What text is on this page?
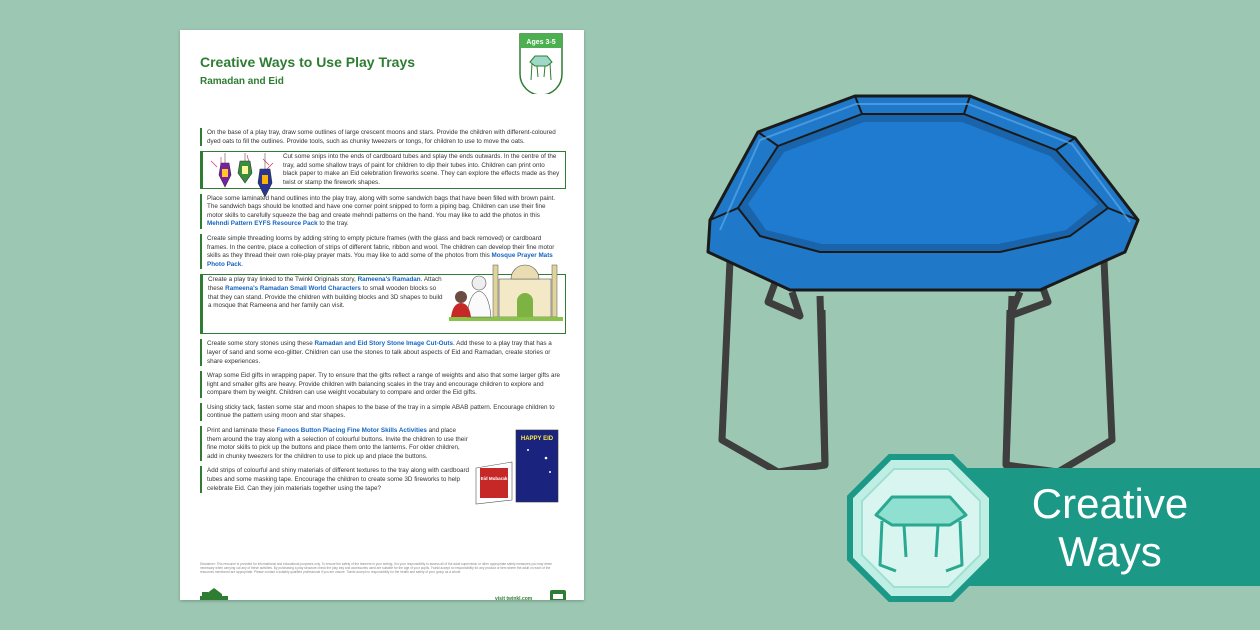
Creative Ways to Use Play Trays
Ramadan and Eid
Ages 3-5

On the base of a play tray, draw some outlines of large crescent moons and stars. Provide the children with different-coloured dyed oats to fill the outlines. Provide tools, such as chunky tweezers or tongs, for children to use to move the oats.

Cut some snips into the ends of cardboard tubes and splay the ends outwards. In the centre of the tray, add some shallow trays of paint for children to dip their tubes into. Children can print onto black paper to make an Eid celebration fireworks scene. They can explore the effects made as they twist or stamp the firework shapes.

Place some laminated hand outlines into the play tray, along with some sandwich bags that have been filled with brown paint. The sandwich bags should be knotted and have one corner point snipped to form a piping bag. Children can use their fine motor skills to carefully squeeze the bag and create mehndi patterns on the hand. You may like to add the photos in this Mehndi Pattern EYFS Resource Pack to the tray.

Create simple threading looms by adding string to empty picture frames (with the glass and back removed) or cardboard frames. In the centre, place a collection of strips of different fabric, ribbon and wool. The children can develop their fine motor skills as they thread their own role-play prayer mats. You may like to add some of the photos from this Mosque Prayer Mats Photo Pack.

Create a play tray linked to the Twinkl Originals story, Rameena's Ramadan. Attach these Rameena's Ramadan Small World Characters to small wooden blocks so that they can stand. Provide the children with building blocks and 3D shapes to build a mosque that Rameena and her family can visit.

Create some story stones using these Ramadan and Eid Story Stone Image Cut-Outs. Add these to a play tray that has a layer of sand and some eco-glitter. Children can use the stones to talk about aspects of Eid and Ramadan, create stories or share experiences.

Wrap some Eid gifts in wrapping paper. Try to ensure that the gifts reflect a range of weights and also that some larger gifts are light and smaller gifts are heavy. Provide children with balancing scales in the tray and encourage children to explore and compare them by weight. Children can use weight vocabulary to compare and order the Eid gifts.

Using sticky tack, fasten some star and moon shapes to the base of the tray in a simple ABAB pattern. Encourage children to continue the pattern using moon and star shapes.

Print and laminate these Fanoos Button Placing Fine Motor Skills Activities and place them around the tray along with a selection of colourful buttons. Invite the children to use their fine motor skills to pick up the buttons and place them onto the lanterns. For older children, add in chunky tweezers for the children to use to pick up and place the buttons.

Add strips of colourful and shiny materials of different textures to the tray along with cardboard tubes and some masking tape. Encourage the children to create some 3D fireworks to help celebrate Eid. Can they join materials together using the tape?

Eid Mubarak
HAPPY EID
Disclaimer: This resource is provided for informational and educational purposes only. To ensure the safety of the learners in your setting, it is your responsibility to assess all of the adult supervision or other appropriate safety measures you may deem necessary when carrying out any of these activities. By purchasing a play structure check the play tray and accessories used are suitable for the age of your pupils. Twinkl accept no responsibility for any product or item where the adult on each of the resources mentioned are appropriate. Please contact a suitably qualified professional if you are unsure. Twinkl accept no responsibility for the health and safety of your group as a whole.
visit twinkl.com
Creative
Ways
